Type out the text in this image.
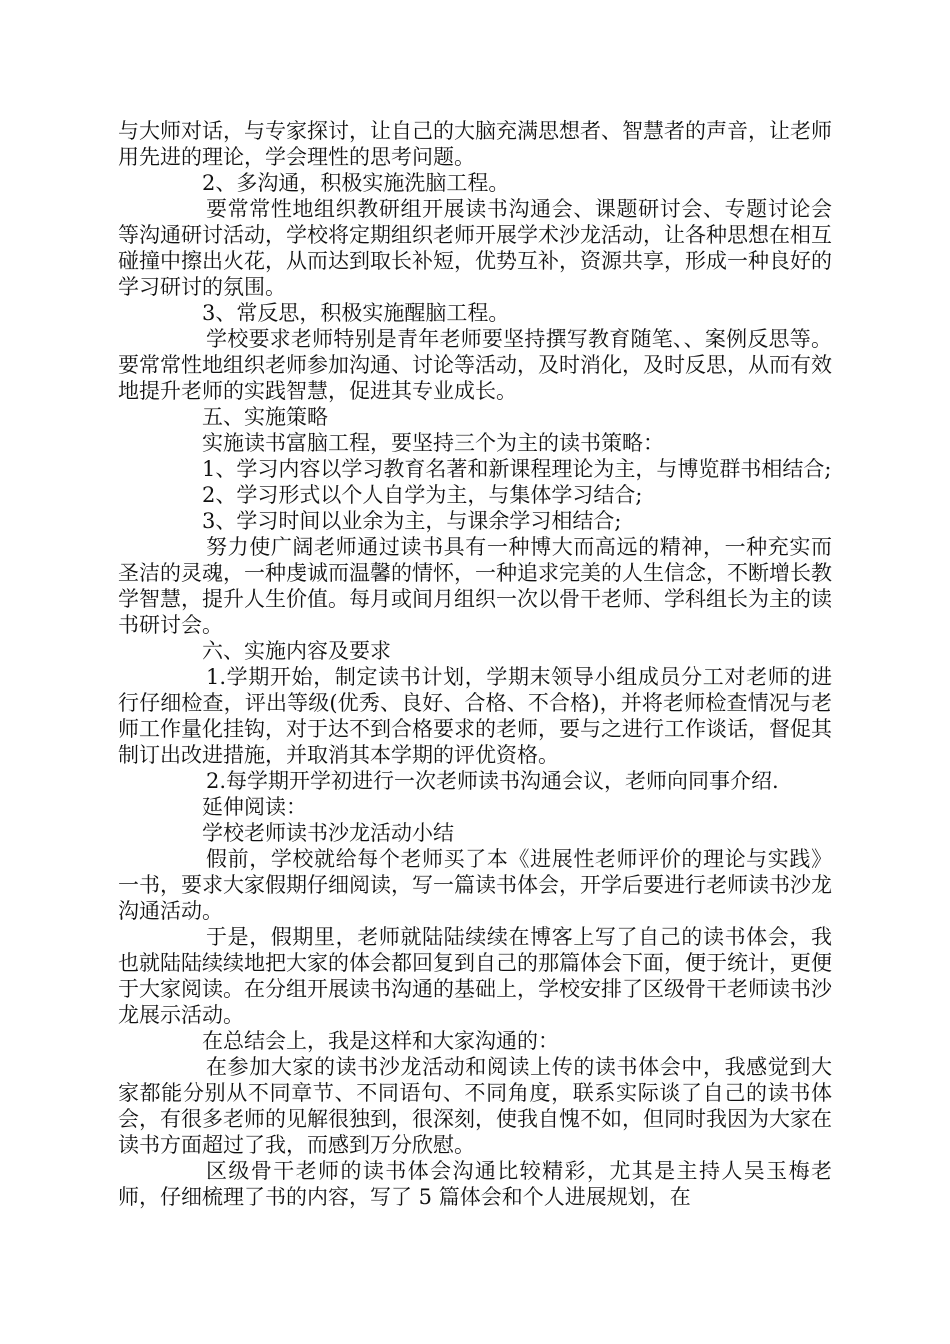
与大师对话，与专家探讨，让自己的大脑充满思想者、智慧者的声音，让老师用先进的理论，学会理性的思考问题。

2、多沟通，积极实施洗脑工程。

要常常性地组织教研组开展读书沟通会、课题研讨会、专题讨论会等沟通研讨活动，学校将定期组织老师开展学术沙龙活动，让各种思想在相互碰撞中擦出火花，从而达到取长补短，优势互补，资源共享，形成一种良好的学习研讨的氛围。

3、常反思，积极实施醒脑工程。

学校要求老师特别是青年老师要坚持撰写教育随笔、、案例反思等。要常常性地组织老师参加沟通、讨论等活动，及时消化，及时反思，从而有效地提升老师的实践智慧，促进其专业成长。

五、实施策略

实施读书富脑工程，要坚持三个为主的读书策略：

1、学习内容以学习教育名著和新课程理论为主，与博览群书相结合;

2、学习形式以个人自学为主，与集体学习结合;

3、学习时间以业余为主，与课余学习相结合;

努力使广阔老师通过读书具有一种博大而高远的精神，一种充实而圣洁的灵魂，一种虔诚而温馨的情怀，一种追求完美的人生信念，不断增长教学智慧，提升人生价值。每月或间月组织一次以骨干老师、学科组长为主的读书研讨会。

六、实施内容及要求

1.学期开始，制定读书计划，学期末领导小组成员分工对老师的进行仔细检查，评出等级(优秀、良好、合格、不合格)，并将老师检查情况与老师工作量化挂钩，对于达不到合格要求的老师，要与之进行工作谈话，督促其制订出改进措施，并取消其本学期的评优资格。

2.每学期开学初进行一次老师读书沟通会议，老师向同事介绍.

延伸阅读：

学校老师读书沙龙活动小结

假前，学校就给每个老师买了本《进展性老师评价的理论与实践》一书，要求大家假期仔细阅读，写一篇读书体会，开学后要进行老师读书沙龙沟通活动。

于是，假期里，老师就陆陆续续在博客上写了自己的读书体会，我也就陆陆续续地把大家的体会都回复到自己的那篇体会下面，便于统计，更便于大家阅读。在分组开展读书沟通的基础上，学校安排了区级骨干老师读书沙龙展示活动。

在总结会上，我是这样和大家沟通的：

在参加大家的读书沙龙活动和阅读上传的读书体会中，我感觉到大家都能分别从不同章节、不同语句、不同角度，联系实际谈了自己的读书体会，有很多老师的见解很独到，很深刻，使我自愧不如，但同时我因为大家在读书方面超过了我，而感到万分欣慰。

区级骨干老师的读书体会沟通比较精彩，尤其是主持人吴玉梅老师，仔细梳理了书的内容，写了 5 篇体会和个人进展规划，在
